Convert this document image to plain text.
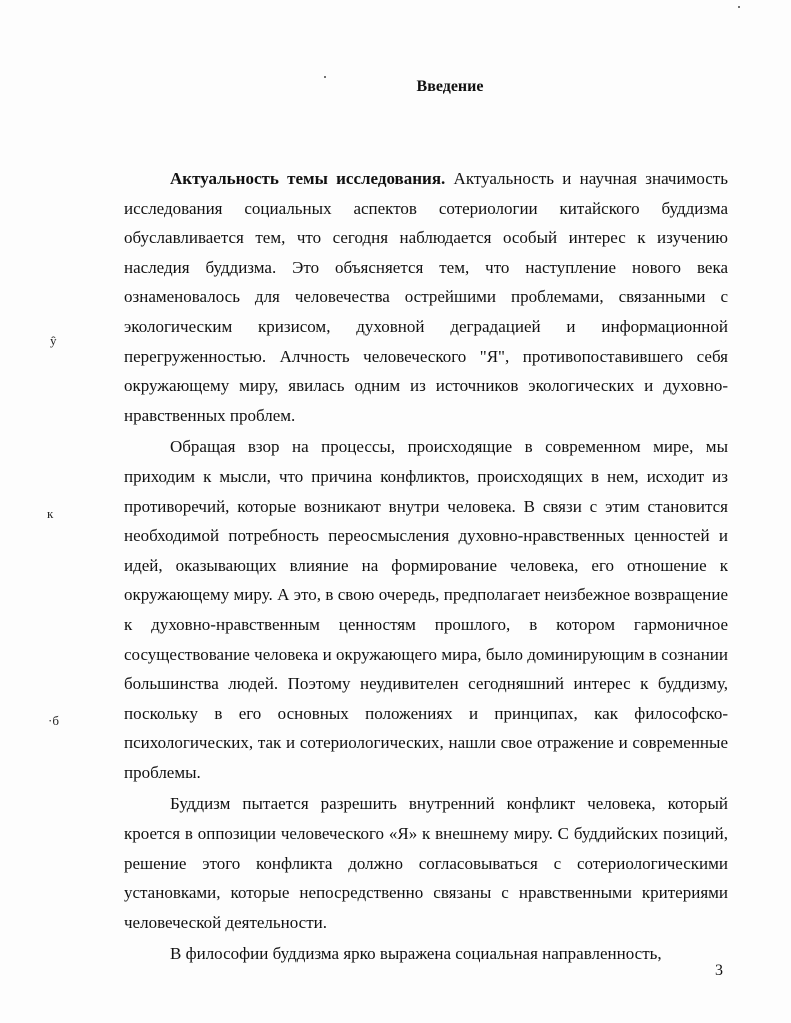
Введение

Актуальность темы исследования. Актуальность и научная значимость исследования социальных аспектов сотериологии китайского буддизма обуславливается тем, что сегодня наблюдается особый интерес к изучению наследия буддизма. Это объясняется тем, что наступление нового века ознаменовалось для человечества острейшими проблемами, связанными с экологическим кризисом, духовной деградацией и информационной перегруженностью. Алчность человеческого "Я", противопоставившего себя окружающему миру, явилась одним из источников экологических и духовно-нравственных проблем.

Обращая взор на процессы, происходящие в современном мире, мы приходим к мысли, что причина конфликтов, происходящих в нем, исходит из противоречий, которые возникают внутри человека. В связи с этим становится необходимой потребность переосмысления духовно-нравственных ценностей и идей, оказывающих влияние на формирование человека, его отношение к окружающему миру. А это, в свою очередь, предполагает неизбежное возвращение к духовно-нравственным ценностям прошлого, в котором гармоничное сосуществование человека и окружающего мира, было доминирующим в сознании большинства людей. Поэтому неудивителен сегодняшний интерес к буддизму, поскольку в его основных положениях и принципах, как философско-психологических, так и сотериологических, нашли свое отражение и современные проблемы.

Буддизм пытается разрешить внутренний конфликт человека, который кроется в оппозиции человеческого «Я» к внешнему миру. С буддийских позиций, решение этого конфликта должно согласовываться с сотериологическими установками, которые непосредственно связаны с нравственными критериями человеческой деятельности.

В философии буддизма ярко выражена социальная направленность,

3
ŷ
к
·б
